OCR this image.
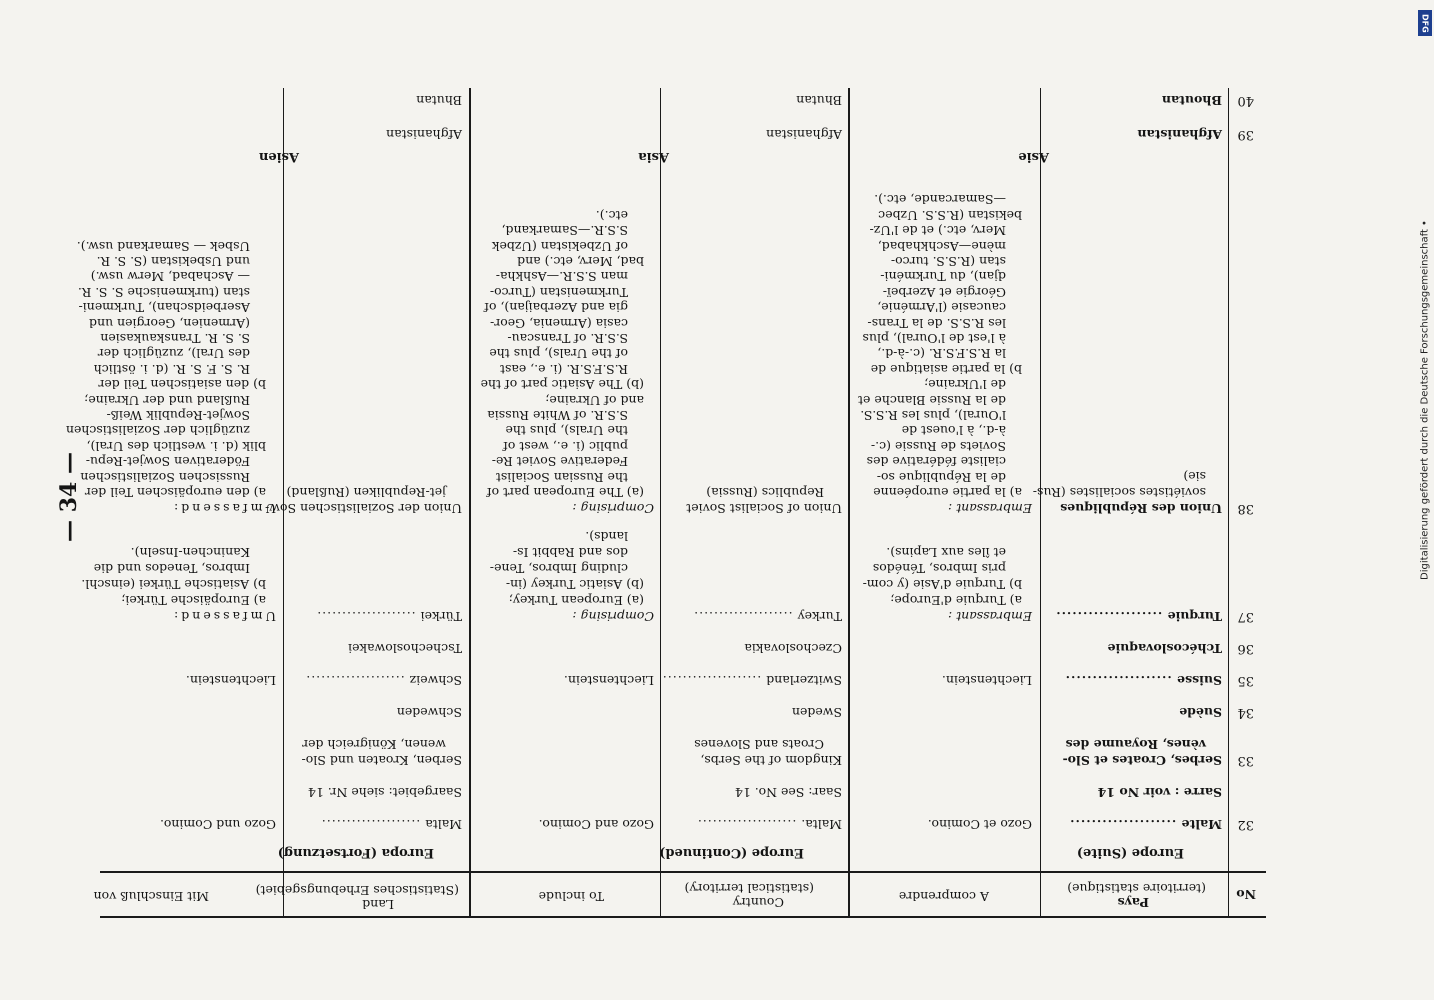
No
Pays
(territoire statistique)
A comprendre
Country
(statistical territory)
To include
Land
(Statistisches Erhebungsgebiet)
Mit Einschluß von
Europe (Suite)
Europe (Continued)
Europa (Fortsetzung)
32
Malte .....
Gozo et Comino.
Malta. .....
Gozo and Comino.
Malta .....
Gozo und Comino.
Sarre : voir No 14
Saar: See No. 14
Saargebiet: siehe Nr. 14
33
Serbes, Croates et Slo-
vènes, Royaume des
Kingdom of the Serbs,
Croats and Slovenes
Serben, Kroaten und Slo-
wenen, Königreich der
34
Suède
Sweden
Schweden
35
Suisse .....
Liechtenstein.
Switzerland .....
Liechtenstein.
Schweiz .....
Liechtenstein.
36
Tchécoslovaquie
Czechoslovakia
Tschechoslowakei
37
Turquie .....
Embrassant :
a) Turquie d'Europe;
b) Turquie d'Asie (y com-
pris Imbros, Ténédos
et îles aux Lapins).
Turkey .....
Comprising :
(a) European Turkey;
(b) Asiatic Turkey (in-
cluding Imbros, Tene-
dos and Rabbit Is-
lands).
Türkei .....
Umfassend:
a) Europäische Türkei;
b) Asiatische Türkei (einschl.
Imbros, Tenedos und die
Kaninchen-Inseln).
38
Union des Républiques
soviétistes socialistes (Rus-
sie)
Embrassant :
Union of Socialist Soviet
Republics (Russia)
Comprising :
Union der Sozialistischen Sow-
jet-Republiken (Rußland)
Umfassend:
a) la partie européenne
de la République so-
cialiste fédérative des
Soviets de Russie (c.-
à-d., à l'ouest de
l'Oural), plus les R.S.S.
de la Russie Blanche et
de l'Ukraine;
b) la partie asiatique de
la R.S.F.S.R. (c.-à-d.,
à l'est de l'Oural), plus
les R.S.S. de la Trans-
caucasie (l'Arménie,
Géorgie et Azerbeï-
djan), du Turkméni-
stan (R.S.S. turco-
mène—Aschkhabad,
Merv, etc.) et de l'Uz-
bekistan (R.S.S. Uzbec
—Samarcande, etc.).
(a) The European part of
the Russian Socialist
Federative Soviet Re-
public (i. e., west of
the Urals), plus the
S.S.R. of White Russia
and of Ukraine;
(b) The Asiatic part of the
R.S.F.S.R. (i. e., east
of the Urals), plus the
S.S.R. of Transcau-
casia (Armenia, Geor-
gia and Azerbaijan), of
Turkmenistan (Turco-
man S.S.R.—Ashkha-
bad, Merv, etc.) and
of Uzbekistan (Uzbek
S.S.R.—Samarkand,
etc.).
a) den europäischen Teil der
Russischen Sozialistischen
Föderativen Sowjet-Repu-
blik (d. i. westlich des Ural),
zuzüglich der Sozialistischen
Sowjet-Republik Weiß-
Rußland und der Ukraine;
b) den asiatischen Teil der
R. S. F. S. R. (d. i. östlich
des Ural), zuzüglich der
S. S. R. Transkaukasien
(Armenien, Georgien und
Aserbeidschan), Turkmeni-
stan (turkmenische S. S. R.
— Aschabad, Merw usw.)
und Usbekistan (S. S. R.
Usbek — Samarkand usw.).
Asie
Asia
Asien
39
Afghanistan
Afghanistan
Afghanistan
40
Bhoutan
Bhutan
Bhutan
— 34 —
DFG
Digitalisierung gefördert durch die Deutsche Forschungsgemeinschaft •
